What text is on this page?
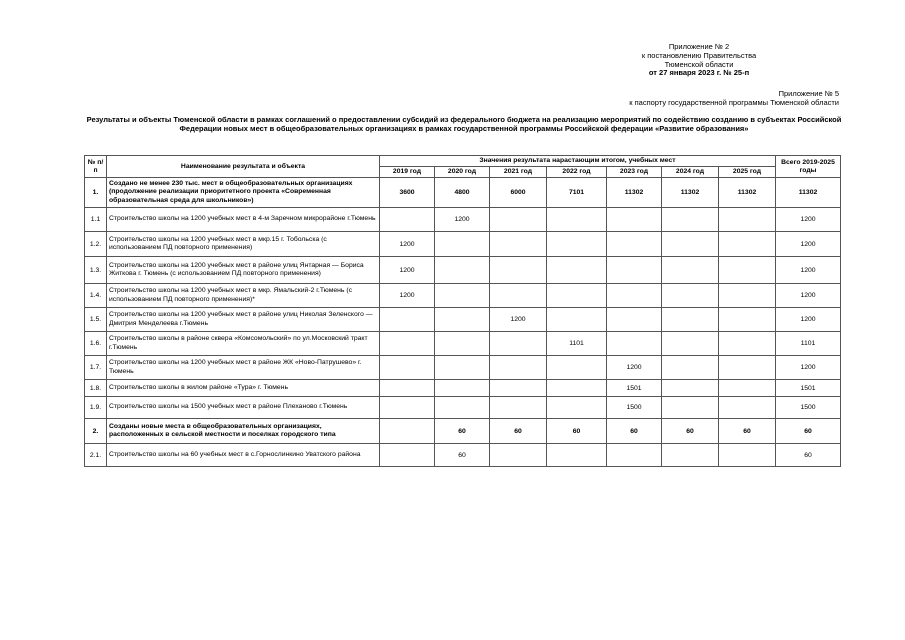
Приложение № 2
к постановлению Правительства
Тюменской области
от 27 января 2023 г. № 25-п
Приложение № 5
к паспорту государственной программы Тюменской области
Результаты и объекты Тюменской области в рамках соглашений о предоставлении субсидий из федерального бюджета на реализацию мероприятий по содействию созданию в субъектах Российской Федерации новых мест в общеобразовательных организациях в рамках государственной программы Российской федерации «Развитие образования»
№ п/п	Наименование результата и объекта	Значения результата нарастающим итогом, учебных мест							Всего 2019-2025 годы
		2019 год	2020 год	2021 год	2022 год	2023 год	2024 год	2025 год	
1.	Создано не менее 230 тыс. мест в общеобразовательных организациях (продолжение реализации приоритетного проекта «Современная образовательная среда для школьников»)	3600	4800	6000	7101	11302	11302	11302	11302
1.1	Строительство школы на 1200 учебных мест в 4-м Заречном микрорайоне г.Тюмень		1200						1200
1.2.	Строительство школы на 1200 учебных мест в мкр.15 г. Тобольска (с использованием ПД повторного применения)	1200							1200
1.3.	Строительство школы на 1200 учебных мест в районе улиц Янтарная — Бориса Житкова г. Тюмень (с использованием ПД повторного применения)	1200							1200
1.4.	Строительство школы на 1200 учебных мест в мкр. Ямальский-2 г.Тюмень (с использованием ПД повторного применения)*	1200							1200
1.5.	Строительство школы на 1200 учебных мест в районе улиц Николая Зеленского — Дмитрия Менделеева г.Тюмень			1200					1200
1.6.	Строительство школы в районе сквера «Комсомольский» по ул.Московский тракт г.Тюмень				1101				1101
1.7.	Строительство школы на 1200 учебных мест в районе ЖК «Ново-Патрушево» г. Тюмень					1200			1200
1.8.	Строительство школы в жилом районе «Тура» г. Тюмень					1501			1501
1.9.	Строительство школы на 1500 учебных мест в районе Плеханово г.Тюмень					1500			1500
2.	Созданы новые места в общеобразовательных организациях, расположенных в сельской местности и поселках городского типа		60	60	60	60	60	60	60
2.1.	Строительство школы на 60 учебных мест в с.Горнослинкино Уватского района		60						60
